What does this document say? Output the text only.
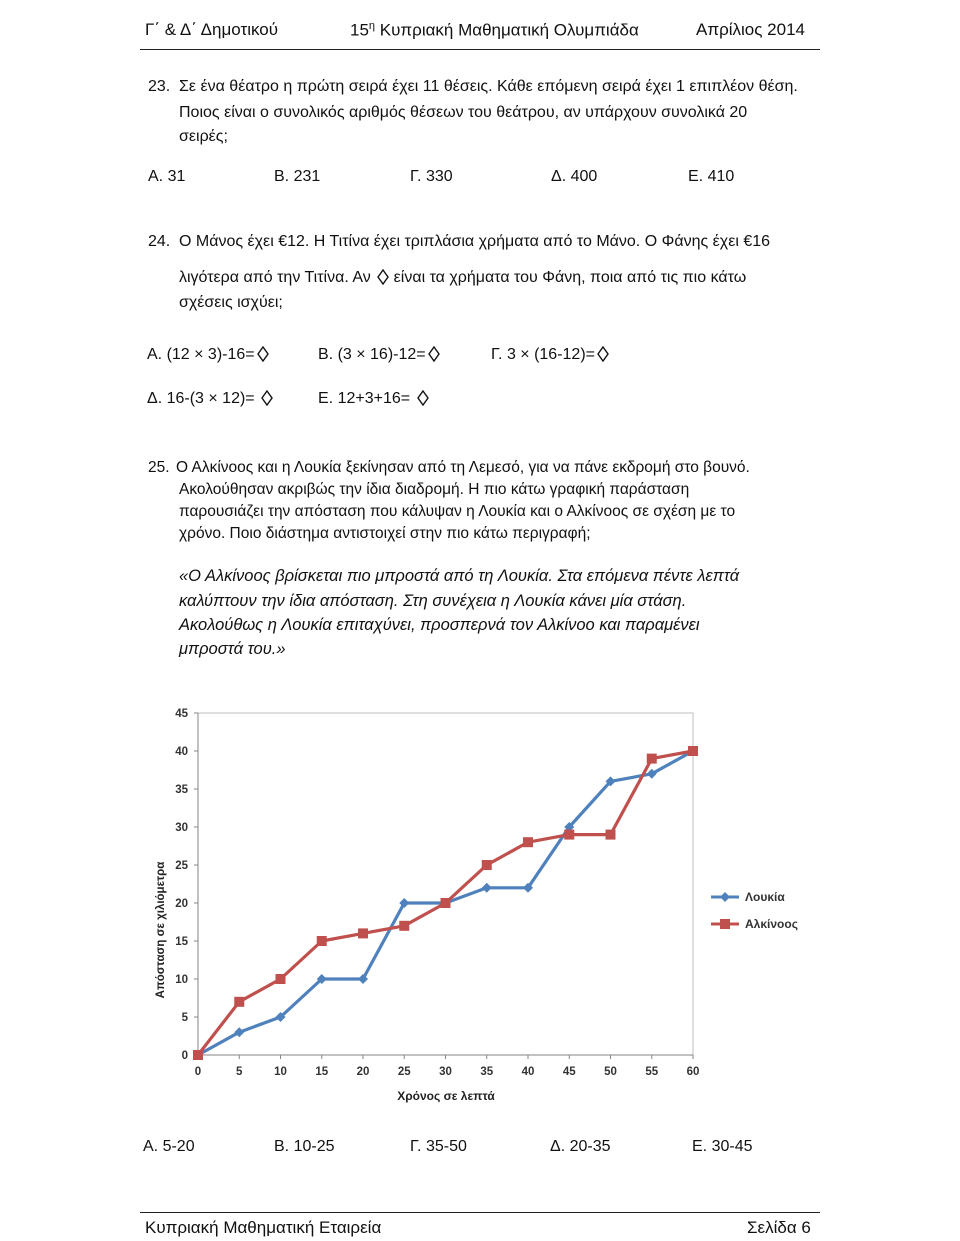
Γ΄ & Δ΄ Δημοτικού	$15^\eta$ Κυπριακή Μαθηματική Ολυμπιάδα	Απρίλιος 2014
23. Σε ένα θέατρο η πρώτη σειρά έχει 11 θέσεις. Κάθε επόμενη σειρά έχει 1 επιπλέον θέση.
Ποιος είναι ο συνολικός αριθμός θέσεων του θεάτρου, αν υπάρχουν συνολικά 20
σειρές;
Α. 31	Β. 231	Γ. 330	Δ. 400	Ε. 410
24. Ο Μάνος έχει €12. Η Τιτίνα έχει τριπλάσια χρήματα από το Μάνο. Ο Φάνης έχει €16
λιγότερα από την Τιτίνα. Αν είναι τα χρήματα του Φάνη, ποια από τις πιο κάτω
σχέσεις ισχύει;
Α. (12 × 3)-16=	Β. (3 × 16)-12=	Γ. 3 × (16-12)=
Δ. 16-(3 × 12)=	Ε. 12+3+16=
25. Ο Αλκίνοος και η Λουκία ξεκίνησαν από τη Λεμεσό, για να πάνε εκδρομή στο βουνό.
Ακολούθησαν ακριβώς την ίδια διαδρομή. Η πιο κάτω γραφική παράσταση
παρουσιάζει την απόσταση που κάλυψαν η Λουκία και ο Αλκίνοος σε σχέση με το
χρόνο. Ποιο διάστημα αντιστοιχεί στην πιο κάτω περιγραφή;
«Ο Αλκίνοος βρίσκεται πιο μπροστά από τη Λουκία. Στα επόμενα πέντε λεπτά
καλύπτουν την ίδια απόσταση. Στη συνέχεια η Λουκία κάνει μία στάση.
Ακολούθως η Λουκία επιταχύνει, προσπερνά τον Αλκίνοο και παραμένει
μπροστά του.»
0
5
10
15
20
25
30
35
40
45
0	5	10 15 20 25 30 35 40 45 50 55 60
Απόσταση σε χιλιόμετρα
Χρόνος σε λεπτά
Λουκία
Αλκίνοος
Α. 5-20	Β. 10-25	Γ. 35-50	Δ. 20-35	Ε. 30-45
Κυπριακή Μαθηματική Εταιρεία	Σελίδα 6
